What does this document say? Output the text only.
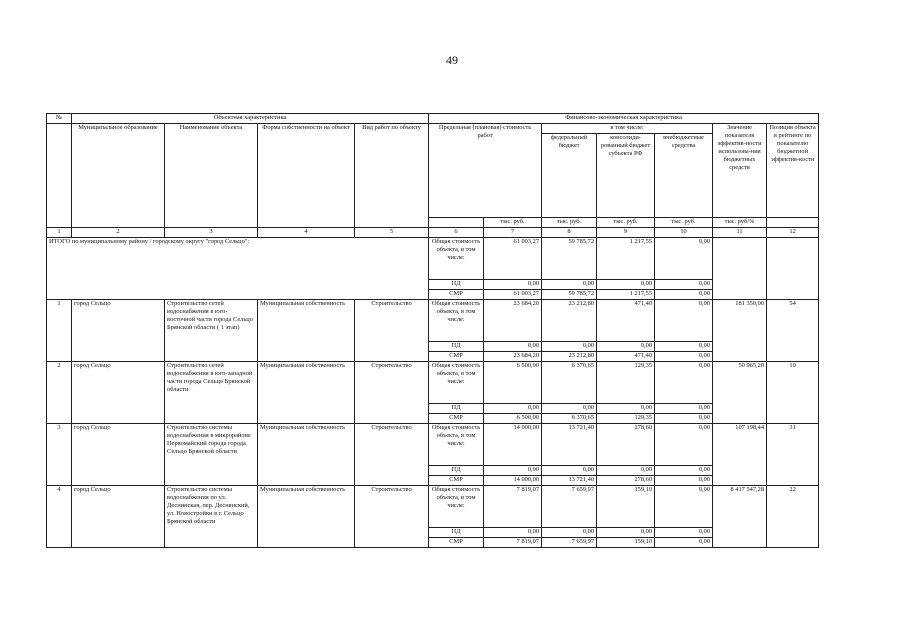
49
№	Объектная характеристика				Финансово-экономическая характеристика						
	Муниципальное образование	Наименование объекта	Форма собственности на объект	Вид работ по объекту	Предельная (плановая) стоимость работ		в том числе:			Значение показателя эффектив-ности использова-ния бюджетных средств	Позиция объекта в рейтинге по показателю бюджетной эффектив-кости
							федеральный бюджет	консолиди-рованный бюджет субъекта РФ	внебюджетные средства		
						тыс. руб.	тыс. руб.	тыс. руб.	тыс. руб.	тыс. руб/%	
1	2	3	4	5	6	7	8	9	10	11	12
ИТОГО по муниципальному району / городскому округу "город Сельцо":					Общая стоимость объекта, в том числе:	61 003,27	59 785,72	1 217,55	0,00		
					ПД	0,00	0,00	0,00	0,00		
					СМР	61 003,27	59 785,72	1 217,55	0,00		
1	город Сельцо	Строительство сетей водоснабжения в юго-восточной части города Сельцо Брянской области ( 1 этап)	Муниципальная собственность	Строительство	Общая стоимость объекта, в том числе:	23 684,20	23 212,80	471,40	0,00	181 350,00	54
					ПД	0,00	0,00	0,00	0,00		
					СМР	23 684,20	23 212,80	471,40	0,00		
2	город Сельцо	Строительство сетей водоснабжения в юго-западной части города Сельцо Брянской области	Муниципальная собственность	Строительство	Общая стоимость объекта, в том числе:	6 500,00	6 370,65	129,35	0,00	50 965,20	10
					ПД	0,00	0,00	0,00	0,00		
					СМР	6 500,00	6 370,65	129,35	0,00		
3	город Сельцо	Строительство системы водоснабжения в микрорайоне Первомайский города города Сельцо Брянской области	Муниципальная собственность	Строительство	Общая стоимость объекта, в том числе:	14 000,00	13 721,40	278,60	0,00	107 198,44	31
					ПД	0,00	0,00	0,00	0,00		
					СМР	14 000,00	13 721,40	278,60	0,00		
4	город Сельцо	Строительство системы водоснабжения по ул. Деснинская, пер. Деснянский, ул. Новостройки в г. Сельцо Брянской области	Муниципальная собственность	Строительство	Общая стоимость объекта, в том числе:	7 819,07	7 659,97	159,10	0,00	8 417 547,28	22
					ПД	0,00	0,00	0,00	0,00		
					СМР	7 819,07	7 659,97	159,10	0,00		
